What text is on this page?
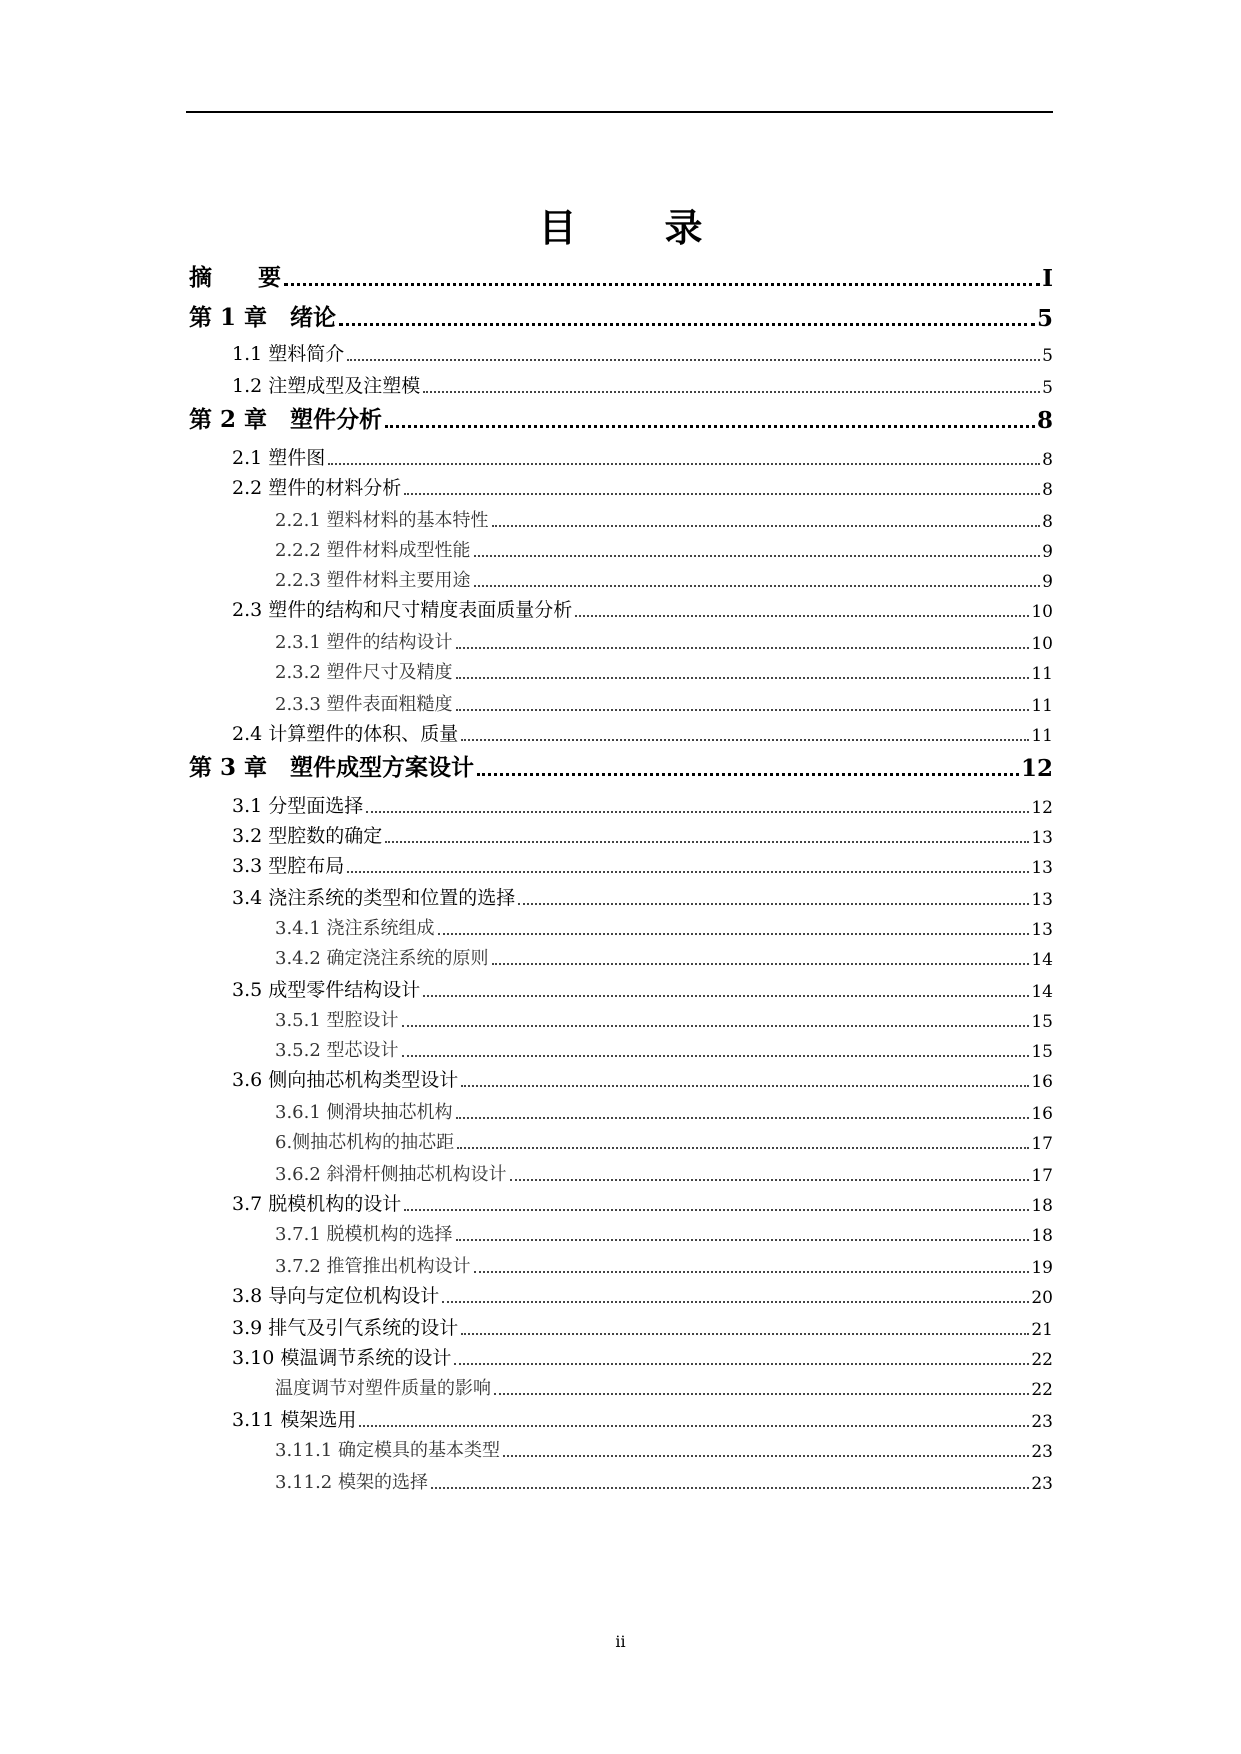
目 录
摘　　要	I
第 1 章　绪论	5
1.1 塑料简介	5
1.2 注塑成型及注塑模	5
第 2 章　塑件分析	8
2.1 塑件图	8
2.2 塑件的材料分析	8
2.2.1 塑料材料的基本特性	8
2.2.2 塑件材料成型性能	9
2.2.3 塑件材料主要用途	9
2.3 塑件的结构和尺寸精度表面质量分析	10
2.3.1 塑件的结构设计	10
2.3.2 塑件尺寸及精度	11
2.3.3 塑件表面粗糙度	11
2.4 计算塑件的体积、质量	11
第 3 章　塑件成型方案设计	12
3.1 分型面选择	12
3.2 型腔数的确定	13
3.3 型腔布局	13
3.4 浇注系统的类型和位置的选择	13
3.4.1 浇注系统组成	13
3.4.2 确定浇注系统的原则	14
3.5 成型零件结构设计	14
3.5.1 型腔设计	15
3.5.2 型芯设计	15
3.6 侧向抽芯机构类型设计	16
3.6.1 侧滑块抽芯机构	16
6.侧抽芯机构的抽芯距	17
3.6.2 斜滑杆侧抽芯机构设计	17
3.7 脱模机构的设计	18
3.7.1 脱模机构的选择	18
3.7.2 推管推出机构设计	19
3.8 导向与定位机构设计	20
3.9 排气及引气系统的设计	21
3.10 模温调节系统的设计	22
温度调节对塑件质量的影响	22
3.11 模架选用	23
3.11.1 确定模具的基本类型	23
3.11.2 模架的选择	23
ii
